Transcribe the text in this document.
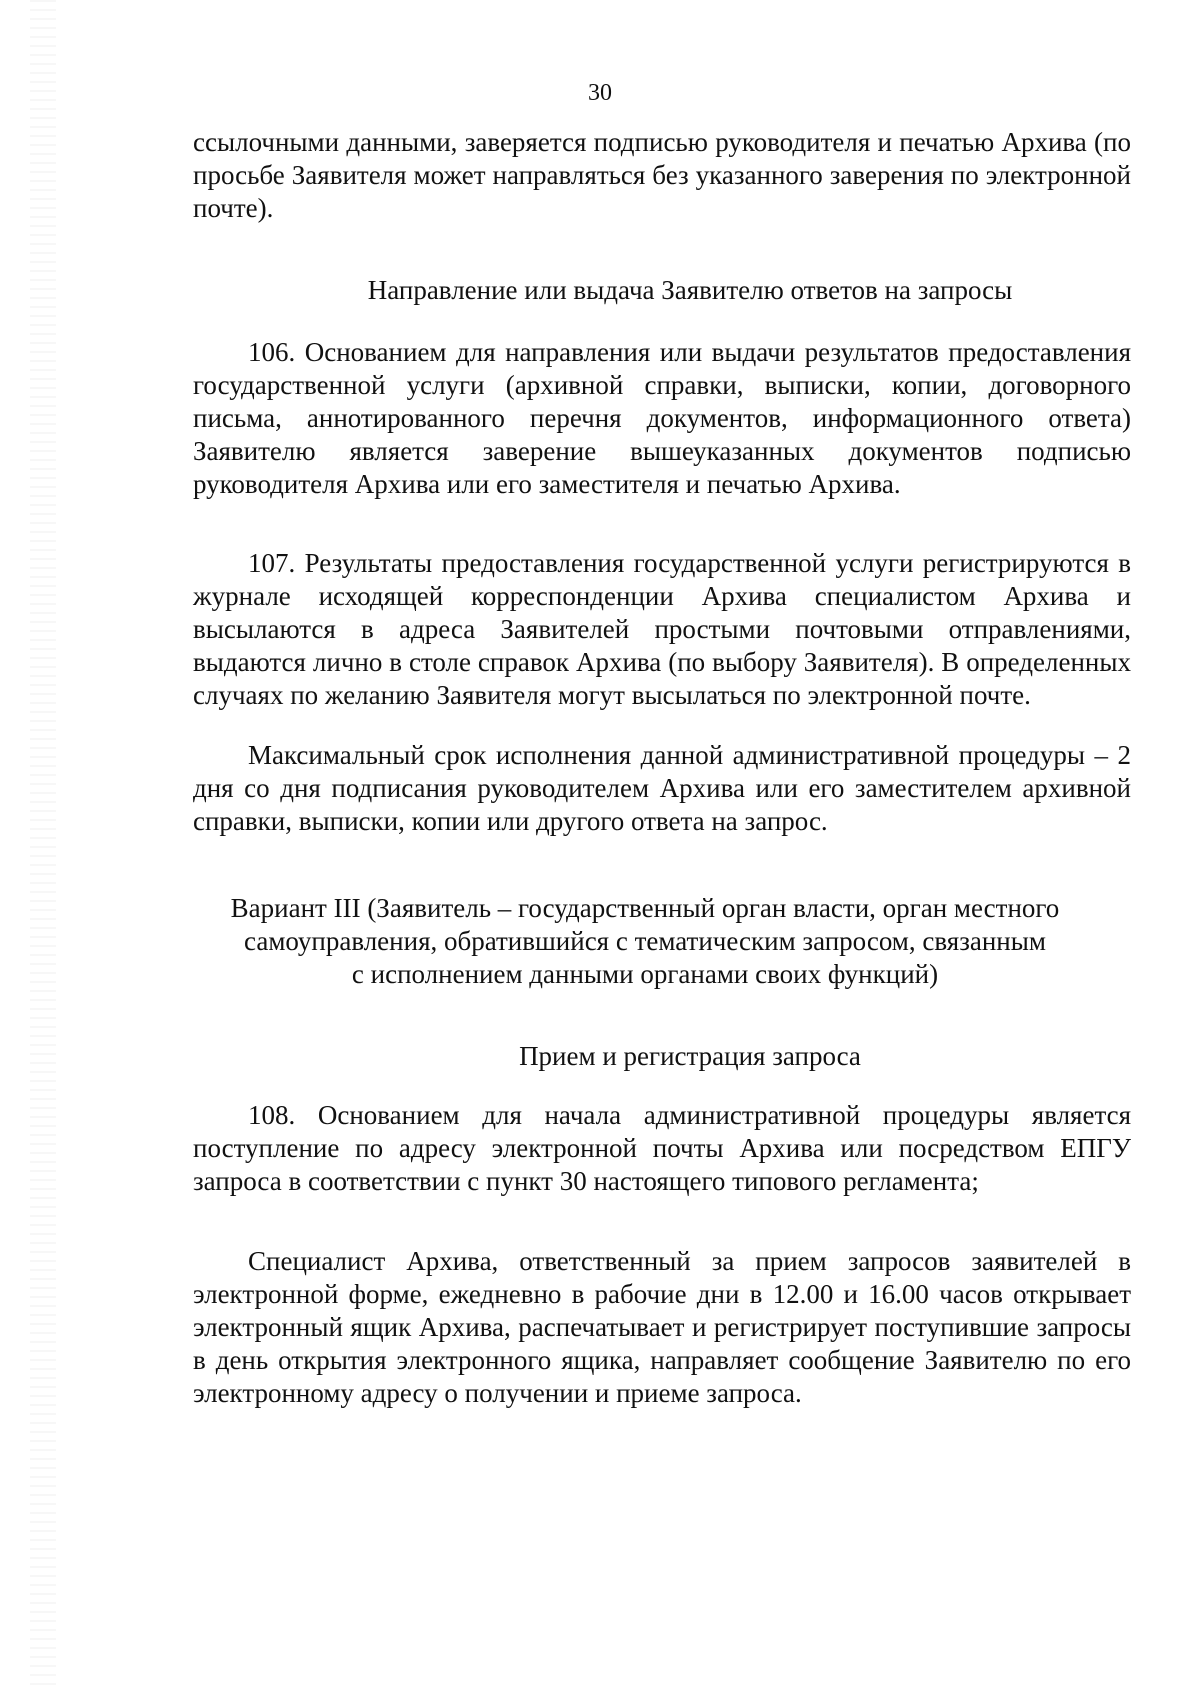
30

ссылочными данными, заверяется подписью руководителя и печатью Архива (по просьбе Заявителя может направляться без указанного заверения по электронной почте).

Направление или выдача Заявителю ответов на запросы

106. Основанием для направления или выдачи результатов предоставления государственной услуги (архивной справки, выписки, копии, договорного письма, аннотированного перечня документов, информационного ответа) Заявителю является заверение вышеуказанных документов подписью руководителя Архива или его заместителя и печатью Архива.

107. Результаты предоставления государственной услуги регистрируются в журнале исходящей корреспонденции Архива специалистом Архива и высылаются в адреса Заявителей простыми почтовыми отправлениями, выдаются лично в столе справок Архива (по выбору Заявителя). В определенных случаях по желанию Заявителя могут высылаться по электронной почте.

Максимальный срок исполнения данной административной процедуры – 2 дня со дня подписания руководителем Архива или его заместителем архивной справки, выписки, копии или другого ответа на запрос.

Вариант III (Заявитель – государственный орган власти, орган местного
самоуправления, обратившийся с тематическим запросом, связанным
с исполнением данными органами своих функций)

Прием и регистрация запроса

108. Основанием для начала административной процедуры является поступление по адресу электронной почты Архива или посредством ЕПГУ запроса в соответствии с пункт 30 настоящего типового регламента;

Специалист Архива, ответственный за прием запросов заявителей в электронной форме, ежедневно в рабочие дни в 12.00 и 16.00 часов открывает электронный ящик Архива, распечатывает и регистрирует поступившие запросы в день открытия электронного ящика, направляет сообщение Заявителю по его электронному адресу о получении и приеме запроса.
